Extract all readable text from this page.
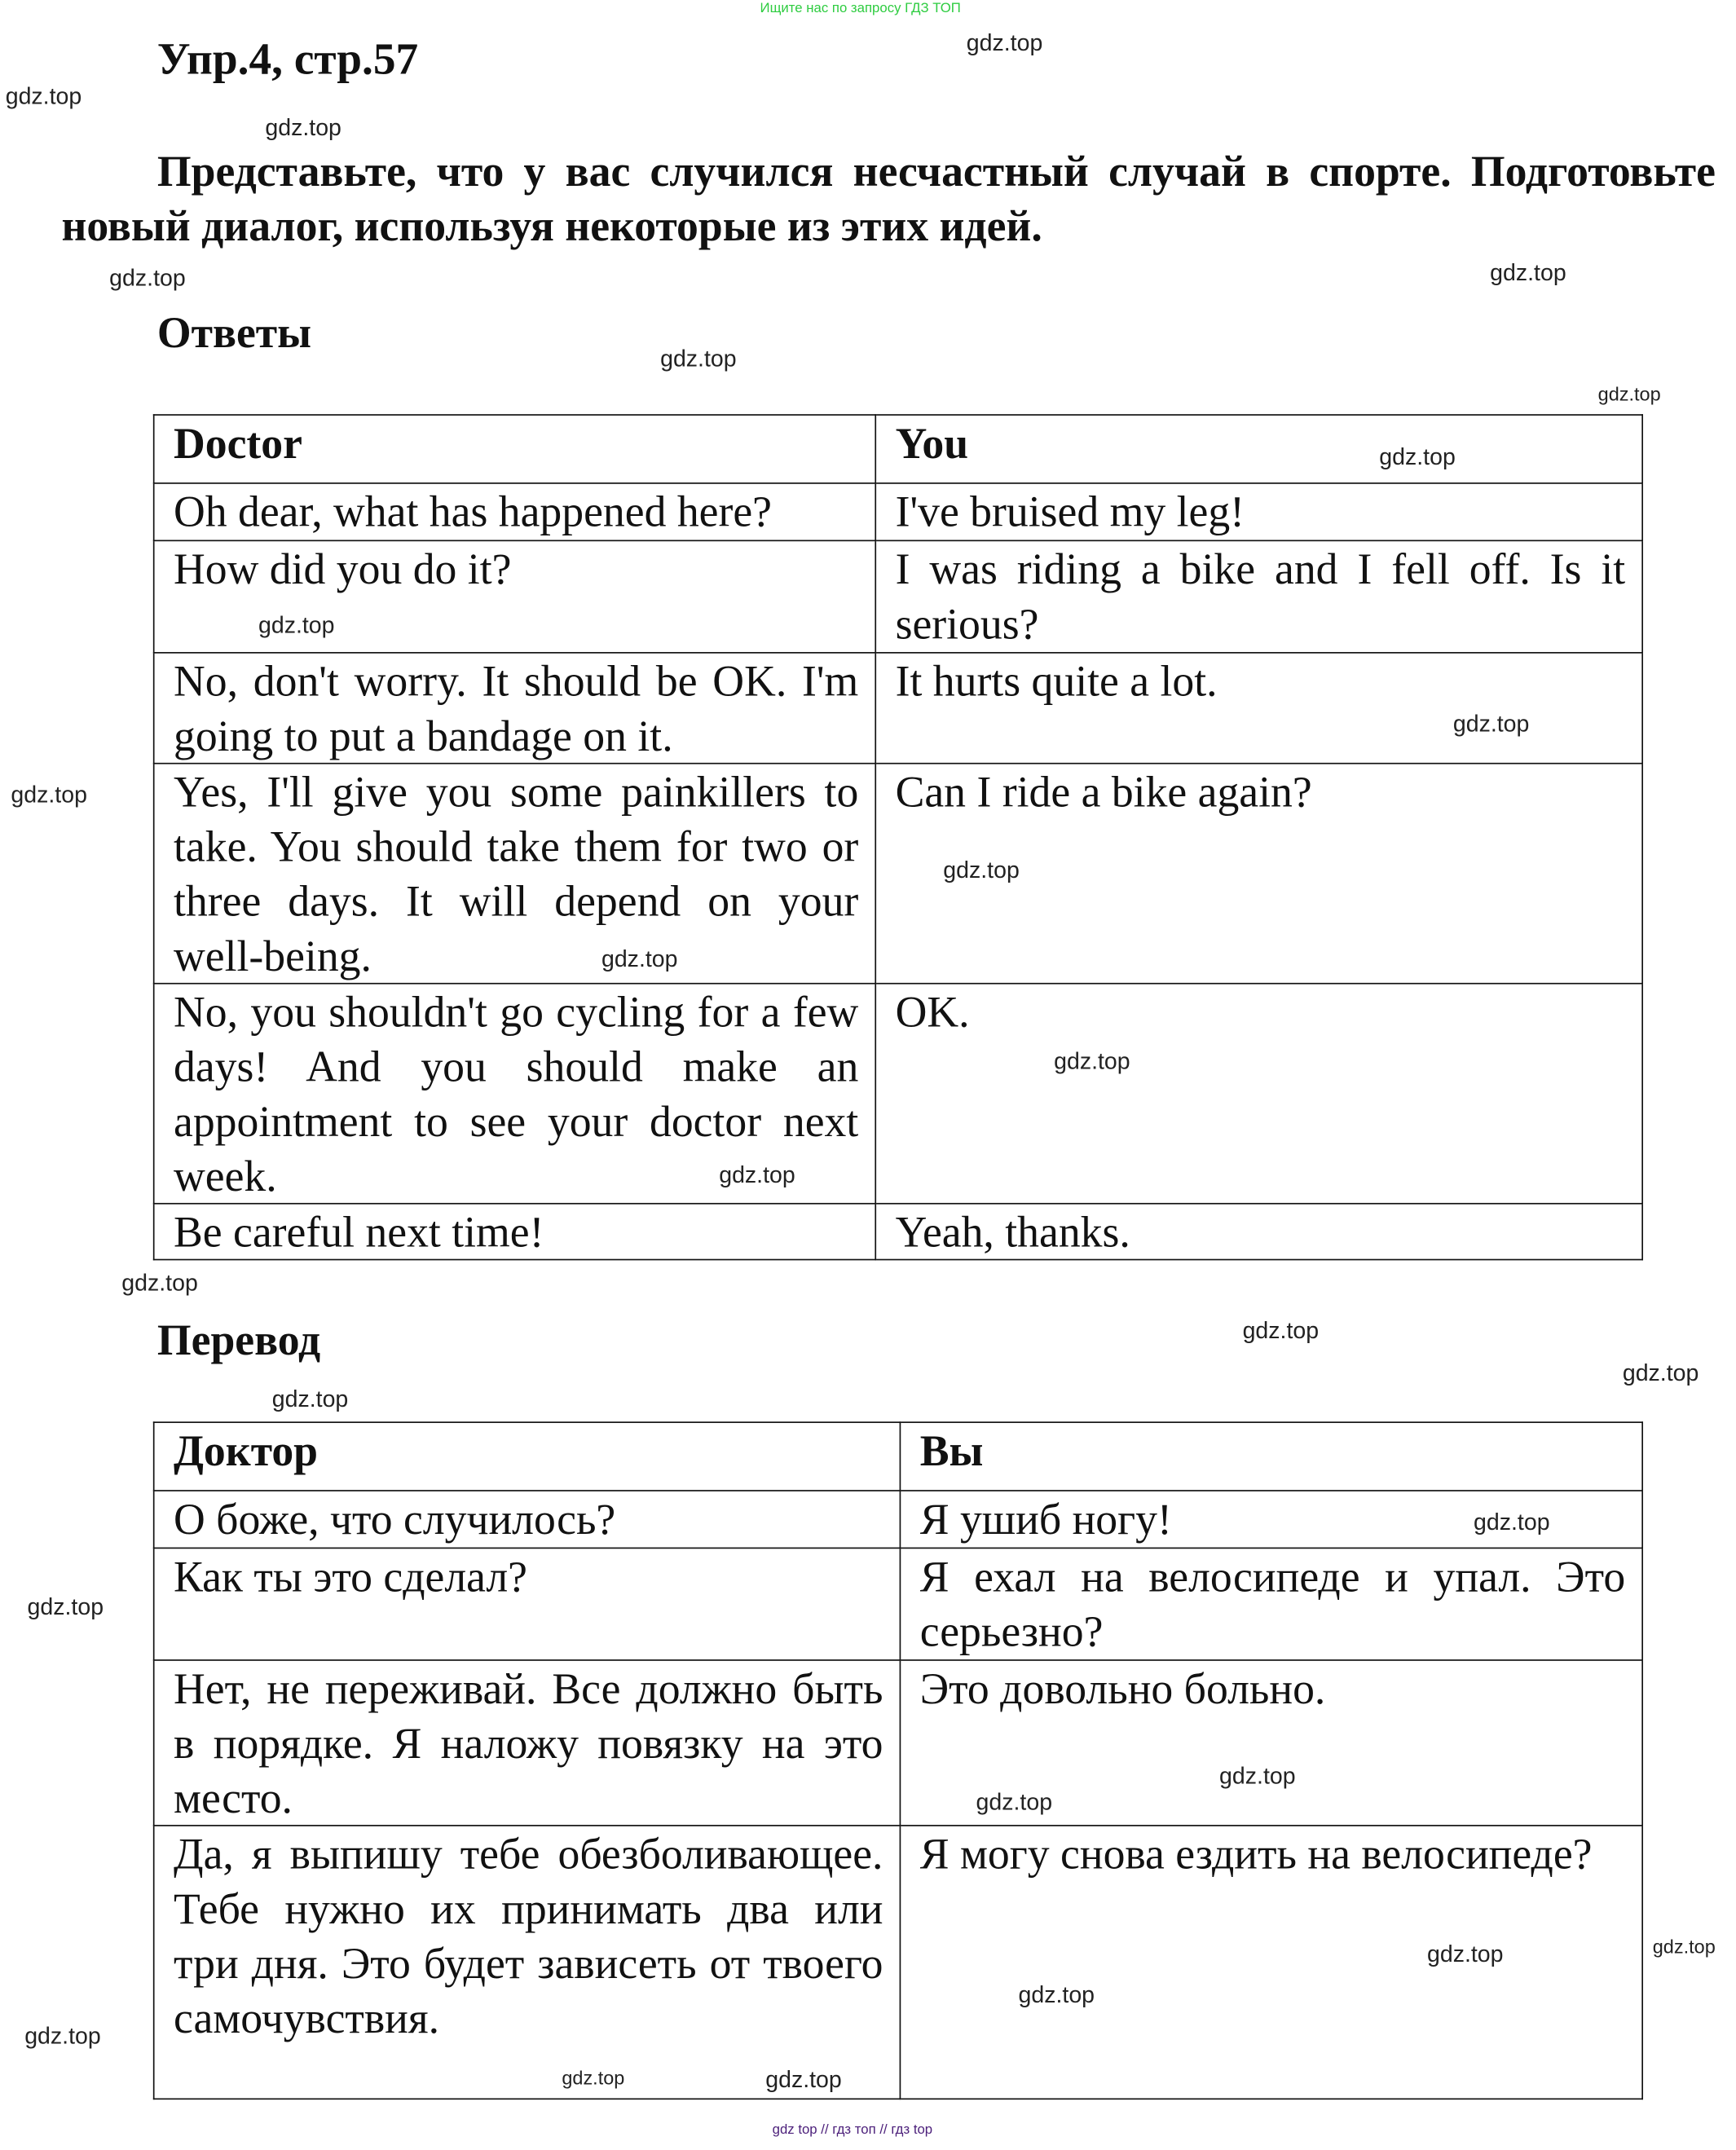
Ищите нас по запросу ГДЗ ТОП
Упр.4, стр.57
Представьте, что у вас случился несчастный случай в спорте. Подготовьте новый диалог, используя некоторые из этих идей.
Ответы
Doctor	You
Oh dear, what has happened here?	I've bruised my leg!
How did you do it?	I was riding a bike and I fell off. Is it serious?
No, don't worry. It should be OK. I'm going to put a bandage on it.	It hurts quite a lot.
Yes, I'll give you some painkillers to take. You should take them for two or three days. It will depend on your well-being.	Can I ride a bike again?
No, you shouldn't go cycling for a few days! And you should make an appointment to see your doctor next week.	OK.
Be careful next time!	Yeah, thanks.
Перевод
Доктор	Вы
О боже, что случилось?	Я ушиб ногу!
Как ты это сделал?	Я ехал на велосипеде и упал. Это серьезно?
Нет, не переживай. Все должно быть в порядке. Я наложу повязку на это место.	Это довольно больно.
Да, я выпишу тебе обезболивающее. Тебе нужно их принимать два или три дня. Это будет зависеть от твоего самочувствия.	Я могу снова ездить на велосипеде?
gdz top // гдз топ // гдз top
gdz.top
gdz.top
gdz.top
gdz.top
gdz.top
gdz.top
gdz.top
gdz.top
gdz.top
gdz.top
gdz.top
gdz.top
gdz.top
gdz.top
gdz.top
gdz.top
gdz.top
gdz.top
gdz.top
gdz.top
gdz.top
gdz.top
gdz.top
gdz.top
gdz.top	gdz.top
gdz.top
gdz.top
gdz.top
